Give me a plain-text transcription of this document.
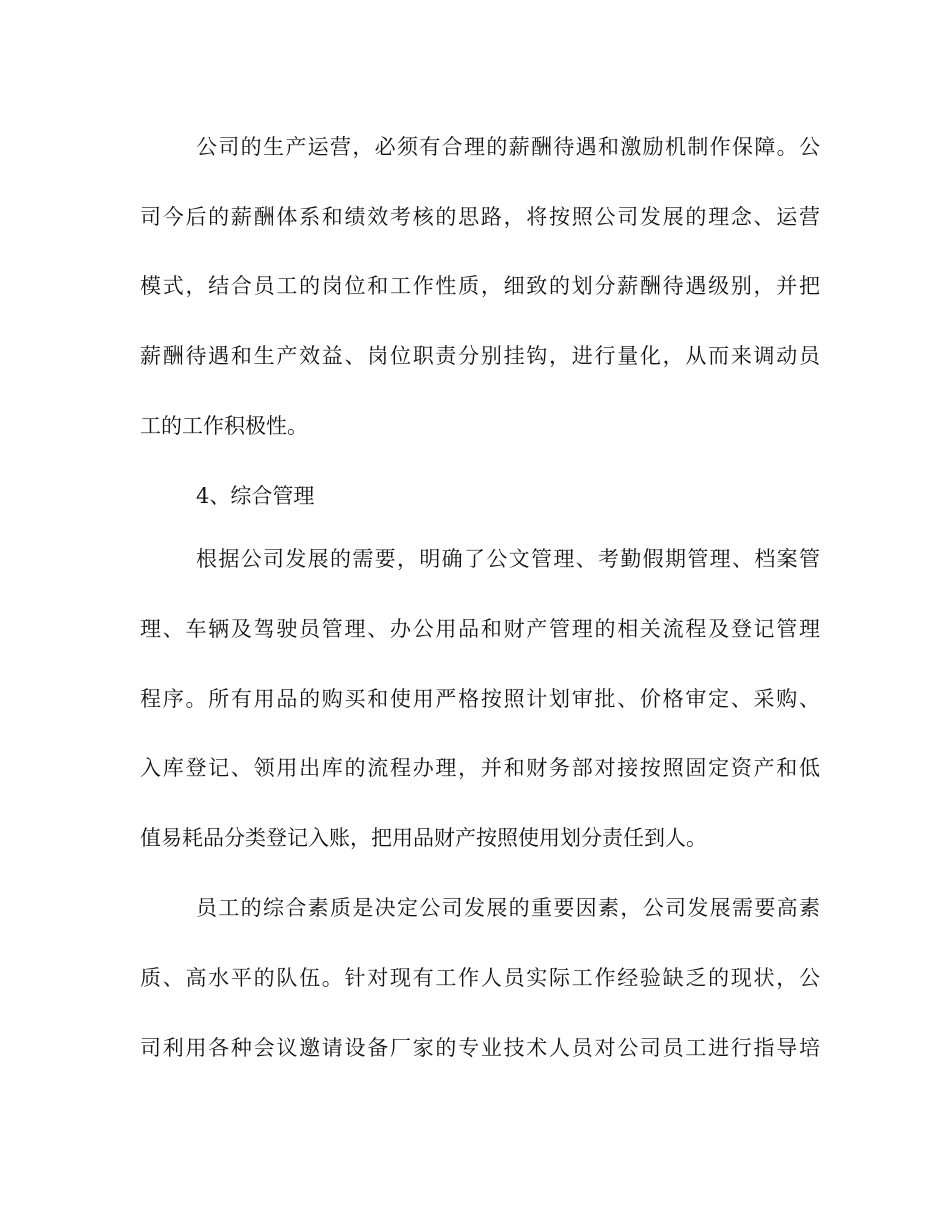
公司的生产运营，必须有合理的薪酬待遇和激励机制作保障。公

司今后的薪酬体系和绩效考核的思路，将按照公司发展的理念、运营

模式，结合员工的岗位和工作性质，细致的划分薪酬待遇级别，并把

薪酬待遇和生产效益、岗位职责分别挂钩，进行量化，从而来调动员

工的工作积极性。

4、综合管理

根据公司发展的需要，明确了公文管理、考勤假期管理、档案管

理、车辆及驾驶员管理、办公用品和财产管理的相关流程及登记管理

程序。所有用品的购买和使用严格按照计划审批、价格审定、采购、

入库登记、领用出库的流程办理，并和财务部对接按照固定资产和低

值易耗品分类登记入账，把用品财产按照使用划分责任到人。

员工的综合素质是决定公司发展的重要因素，公司发展需要高素

质、高水平的队伍。针对现有工作人员实际工作经验缺乏的现状，公

司利用各种会议邀请设备厂家的专业技术人员对公司员工进行指导培
